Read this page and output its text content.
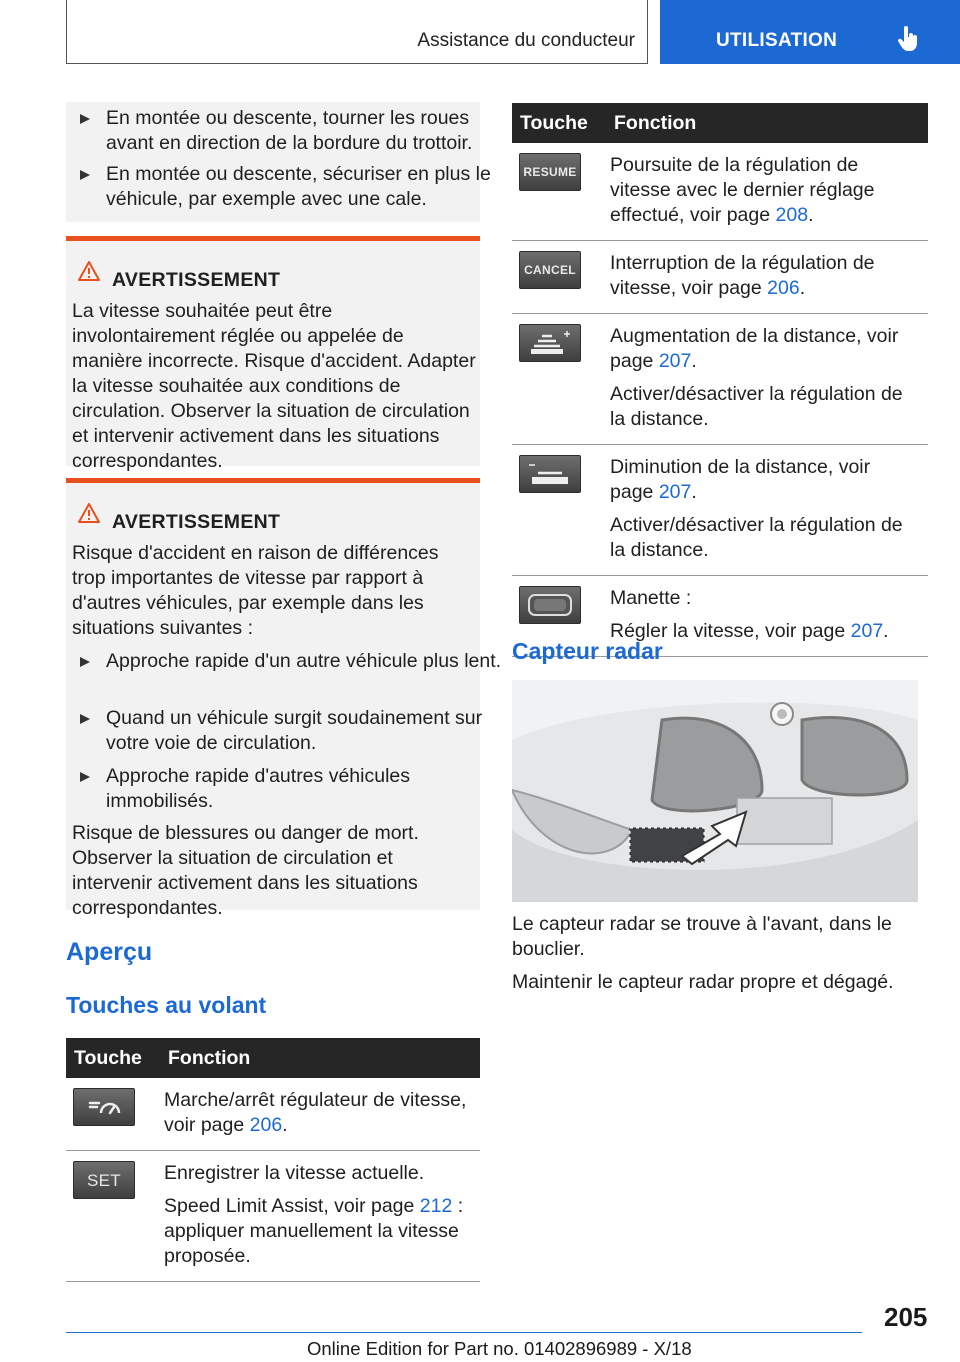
Assistance du conducteur	UTILISATION
En montée ou descente, tourner les roues avant en direction de la bordure du trottoir.
En montée ou descente, sécuriser en plus le véhicule, par exemple avec une cale.
AVERTISSEMENT
La vitesse souhaitée peut être involontairement réglée ou appelée de manière incorrecte. Risque d'accident. Adapter la vitesse souhaitée aux conditions de circulation. Observer la situation de circulation et intervenir activement dans les situations correspondantes.
AVERTISSEMENT
Risque d'accident en raison de différences trop importantes de vitesse par rapport à d'autres véhicules, par exemple dans les situations suivantes :
Approche rapide d'un autre véhicule plus lent.
Quand un véhicule surgit soudainement sur votre voie de circulation.
Approche rapide d'autres véhicules immobilisés.
Risque de blessures ou danger de mort. Observer la situation de circulation et intervenir activement dans les situations correspondantes.
Aperçu
Touches au volant
Touche	Fonction

Marche/arrêt régulateur de vitesse, voir page 206.

SET	Enregistrer la vitesse actuelle.

Speed Limit Assist, voir page 212 : appliquer manuellement la vitesse proposée.

Touche	Fonction

RESUME	Poursuite de la régulation de vitesse avec le dernier réglage effectué, voir page 208.

CANCEL	Interruption de la régulation de vitesse, voir page 206.

Augmentation de la distance, voir page 207.

Activer/désactiver la régulation de la distance.

Diminution de la distance, voir page 207.

Activer/désactiver la régulation de la distance.

Manette :

Régler la vitesse, voir page 207.

Capteur radar

Le capteur radar se trouve à l'avant, dans le bouclier.

Maintenir le capteur radar propre et dégagé.

205
Online Edition for Part no. 01402896989 - X/18
